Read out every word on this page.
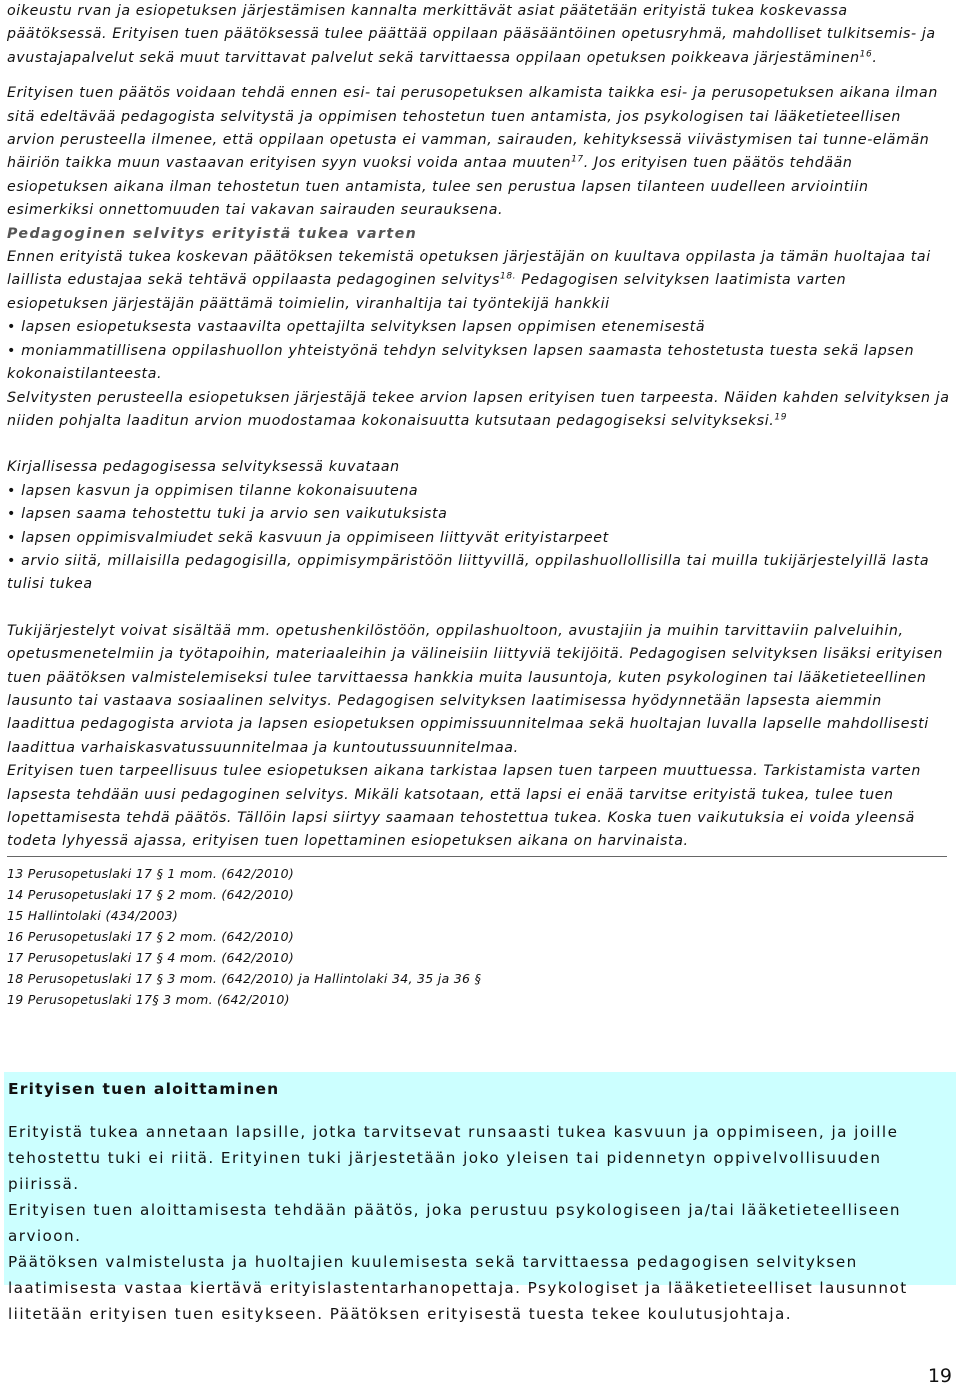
oikeustu rvan ja esiopetuksen järjestämisen kannalta merkittävät asiat päätetään erityistä tukea koskevassa päätöksessä. Erityisen tuen päätöksessä tulee päättää oppilaan pääsääntöinen opetusryhmä, mahdolliset tulkitsemis- ja avustajapalvelut sekä muut tarvittavat palvelut sekä tarvittaessa oppilaan opetuksen poikkeava järjestäminen$^{16}$.

Erityisen tuen päätös voidaan tehdä ennen esi- tai perusopetuksen alkamista taikka esi- ja perusopetuksen aikana ilman sitä edeltävää pedagogista selvitystä ja oppimisen tehostetun tuen antamista, jos psykologisen tai lääketieteellisen arvion perusteella ilmenee, että oppilaan opetusta ei vamman, sairauden, kehityksessä viivästymisen tai tunne-elämän häiriön taikka muun vastaavan erityisen syyn vuoksi voida antaa muuten$^{17}$. Jos erityisen tuen päätös tehdään esiopetuksen aikana ilman tehostetun tuen antamista, tulee sen perustua lapsen tilanteen uudelleen arviointiin esimerkiksi onnettomuuden tai vakavan sairauden seurauksena.

Pedagoginen selvitys erityistä tukea varten

Ennen erityistä tukea koskevan päätöksen tekemistä opetuksen järjestäjän on kuultava oppilasta ja tämän huoltajaa tai laillista edustajaa sekä tehtävä oppilaasta pedagoginen selvitys$^{18.}$ Pedagogisen selvityksen laatimista varten esiopetuksen järjestäjän päättämä toimielin, viranhaltija tai työntekijä hankkii

• lapsen esiopetuksesta vastaavilta opettajilta selvityksen lapsen oppimisen etenemisestä

• moniammatillisena oppilashuollon yhteistyönä tehdyn selvityksen lapsen saamasta tehostetusta tuesta sekä lapsen kokonaistilanteesta.

Selvitysten perusteella esiopetuksen järjestäjä tekee arvion lapsen erityisen tuen tarpeesta. Näiden kahden selvityksen ja niiden pohjalta laaditun arvion muodostamaa kokonaisuutta kutsutaan pedagogiseksi selvitykseksi.$^{19}$

Kirjallisessa pedagogisessa selvityksessä kuvataan

• lapsen kasvun ja oppimisen tilanne kokonaisuutena

• lapsen saama tehostettu tuki ja arvio sen vaikutuksista

• lapsen oppimisvalmiudet sekä kasvuun ja oppimiseen liittyvät erityistarpeet

• arvio siitä, millaisilla pedagogisilla, oppimisympäristöön liittyvillä, oppilashuollollisilla tai muilla tukijärjestelyillä lasta tulisi tukea

Tukijärjestelyt voivat sisältää mm. opetushenkilöstöön, oppilashuoltoon, avustajiin ja muihin tarvittaviin palveluihin, opetusmenetelmiin ja työtapoihin, materiaaleihin ja välineisiin liittyviä tekijöitä. Pedagogisen selvityksen lisäksi erityisen tuen päätöksen valmistelemiseksi tulee tarvittaessa hankkia muita lausuntoja, kuten psykologinen tai lääketieteellinen lausunto tai vastaava sosiaalinen selvitys. Pedagogisen selvityksen laatimisessa hyödynnetään lapsesta aiemmin laadittua pedagogista arviota ja lapsen esiopetuksen oppimissuunnitelmaa sekä huoltajan luvalla lapselle mahdollisesti laadittua varhaiskasvatussuunnitelmaa ja kuntoutussuunnitelmaa.

Erityisen tuen tarpeellisuus tulee esiopetuksen aikana tarkistaa lapsen tuen tarpeen muuttuessa. Tarkistamista varten lapsesta tehdään uusi pedagoginen selvitys. Mikäli katsotaan, että lapsi ei enää tarvitse erityistä tukea, tulee tuen lopettamisesta tehdä päätös. Tällöin lapsi siirtyy saamaan tehostettua tukea. Koska tuen vaikutuksia ei voida yleensä todeta lyhyessä ajassa, erityisen tuen lopettaminen esiopetuksen aikana on harvinaista.

13 Perusopetuslaki 17 § 1 mom. (642/2010)

14 Perusopetuslaki 17 § 2 mom. (642/2010)

15 Hallintolaki (434/2003)

16 Perusopetuslaki 17 § 2 mom. (642/2010)

17 Perusopetuslaki 17 § 4 mom. (642/2010)

18 Perusopetuslaki 17 § 3 mom. (642/2010) ja Hallintolaki 34, 35 ja 36 §

19 Perusopetuslaki 17§ 3 mom. (642/2010)

Erityisen tuen aloittaminen

Erityistä tukea annetaan lapsille, jotka tarvitsevat runsaasti tukea kasvuun ja oppimiseen, ja joille tehostettu tuki ei riitä. Erityinen tuki järjestetään joko yleisen tai pidennetyn oppivelvollisuuden piirissä.

Erityisen tuen aloittamisesta tehdään päätös, joka perustuu psykologiseen ja/tai lääketieteelliseen arvioon.

Päätöksen valmistelusta ja huoltajien kuulemisesta sekä tarvittaessa pedagogisen selvityksen laatimisesta vastaa kiertävä erityislastentarhanopettaja. Psykologiset ja lääketieteelliset lausunnot liitetään erityisen tuen esitykseen. Päätöksen erityisestä tuesta tekee koulutusjohtaja.

19
